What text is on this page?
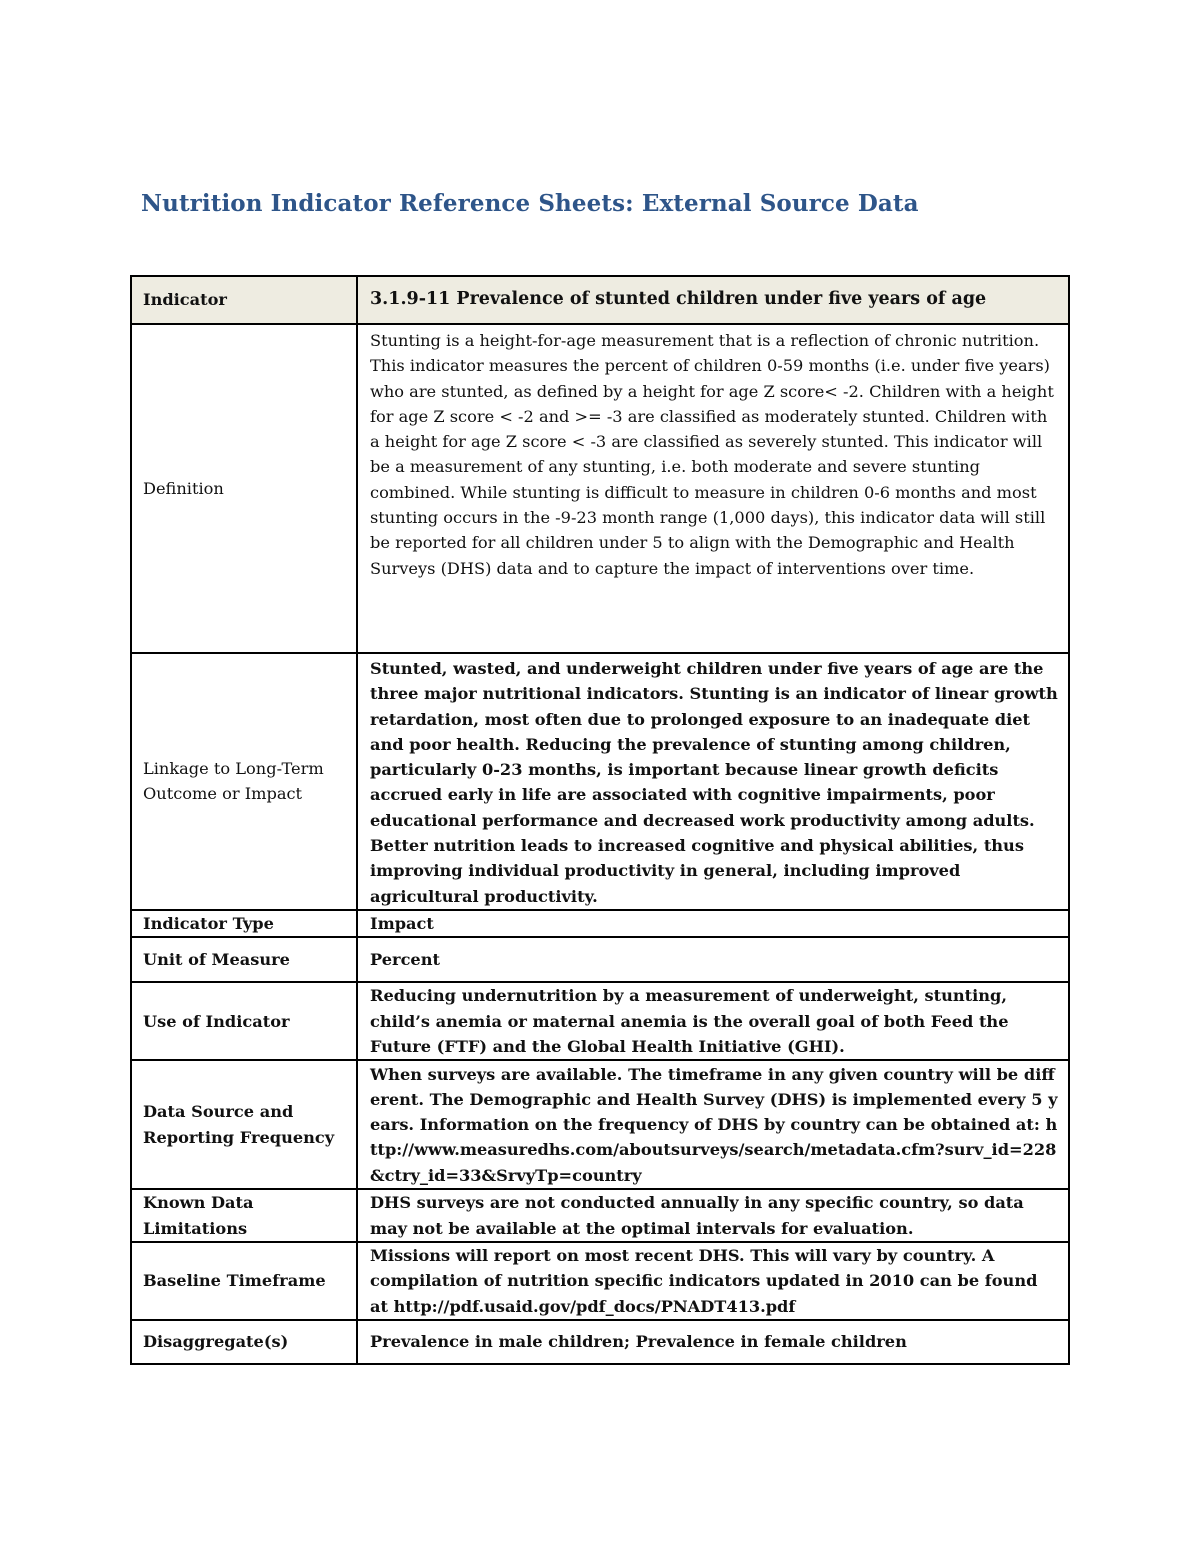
Nutrition Indicator Reference Sheets: External Source Data
Indicator	3.1.9-11 Prevalence of stunted children under five years of age
Definition	Stunting is a height-for-age measurement that is a reflection of chronic nutrition. This indicator measures the percent of children 0-59 months (i.e. under five years) who are stunted, as defined by a height for age Z score< -2. Children with a height for age Z score < -2 and >= -3 are classified as moderately stunted. Children with a height for age Z score < -3 are classified as severely stunted. This indicator will be a measurement of any stunting, i.e. both moderate and severe stunting combined. While stunting is difficult to measure in children 0-6 months and most stunting occurs in the -9-23 month range (1,000 days), this indicator data will still be reported for all children under 5 to align with the Demographic and Health Surveys (DHS) data and to capture the impact of interventions over time.
Linkage to Long-Term Outcome or Impact	Stunted, wasted, and underweight children under five years of age are the three major nutritional indicators. Stunting is an indicator of linear growth retardation, most often due to prolonged exposure to an inadequate diet and poor health. Reducing the prevalence of stunting among children, particularly 0-23 months, is important because linear growth deficits accrued early in life are associated with cognitive impairments, poor educational performance and decreased work productivity among adults. Better nutrition leads to increased cognitive and physical abilities, thus improving individual productivity in general, including improved agricultural productivity.
Indicator Type	Impact
Unit of Measure	Percent
Use of Indicator	Reducing undernutrition by a measurement of underweight, stunting, child’s anemia or maternal anemia is the overall goal of both Feed the Future (FTF) and the Global Health Initiative (GHI).
Data Source and Reporting Frequency	When surveys are available. The timeframe in any given country will be different. The Demographic and Health Survey (DHS) is implemented every 5 years. Information on the frequency of DHS by country can be obtained at: http://www.measuredhs.com/aboutsurveys/search/metadata.cfm?surv_id=228&ctry_id=33&SrvyTp=country
Known Data Limitations	DHS surveys are not conducted annually in any specific country, so data may not be available at the optimal intervals for evaluation.
Baseline Timeframe	Missions will report on most recent DHS. This will vary by country. A compilation of nutrition specific indicators updated in 2010 can be found at http://pdf.usaid.gov/pdf_docs/PNADT413.pdf
Disaggregate(s)	Prevalence in male children; Prevalence in female children
